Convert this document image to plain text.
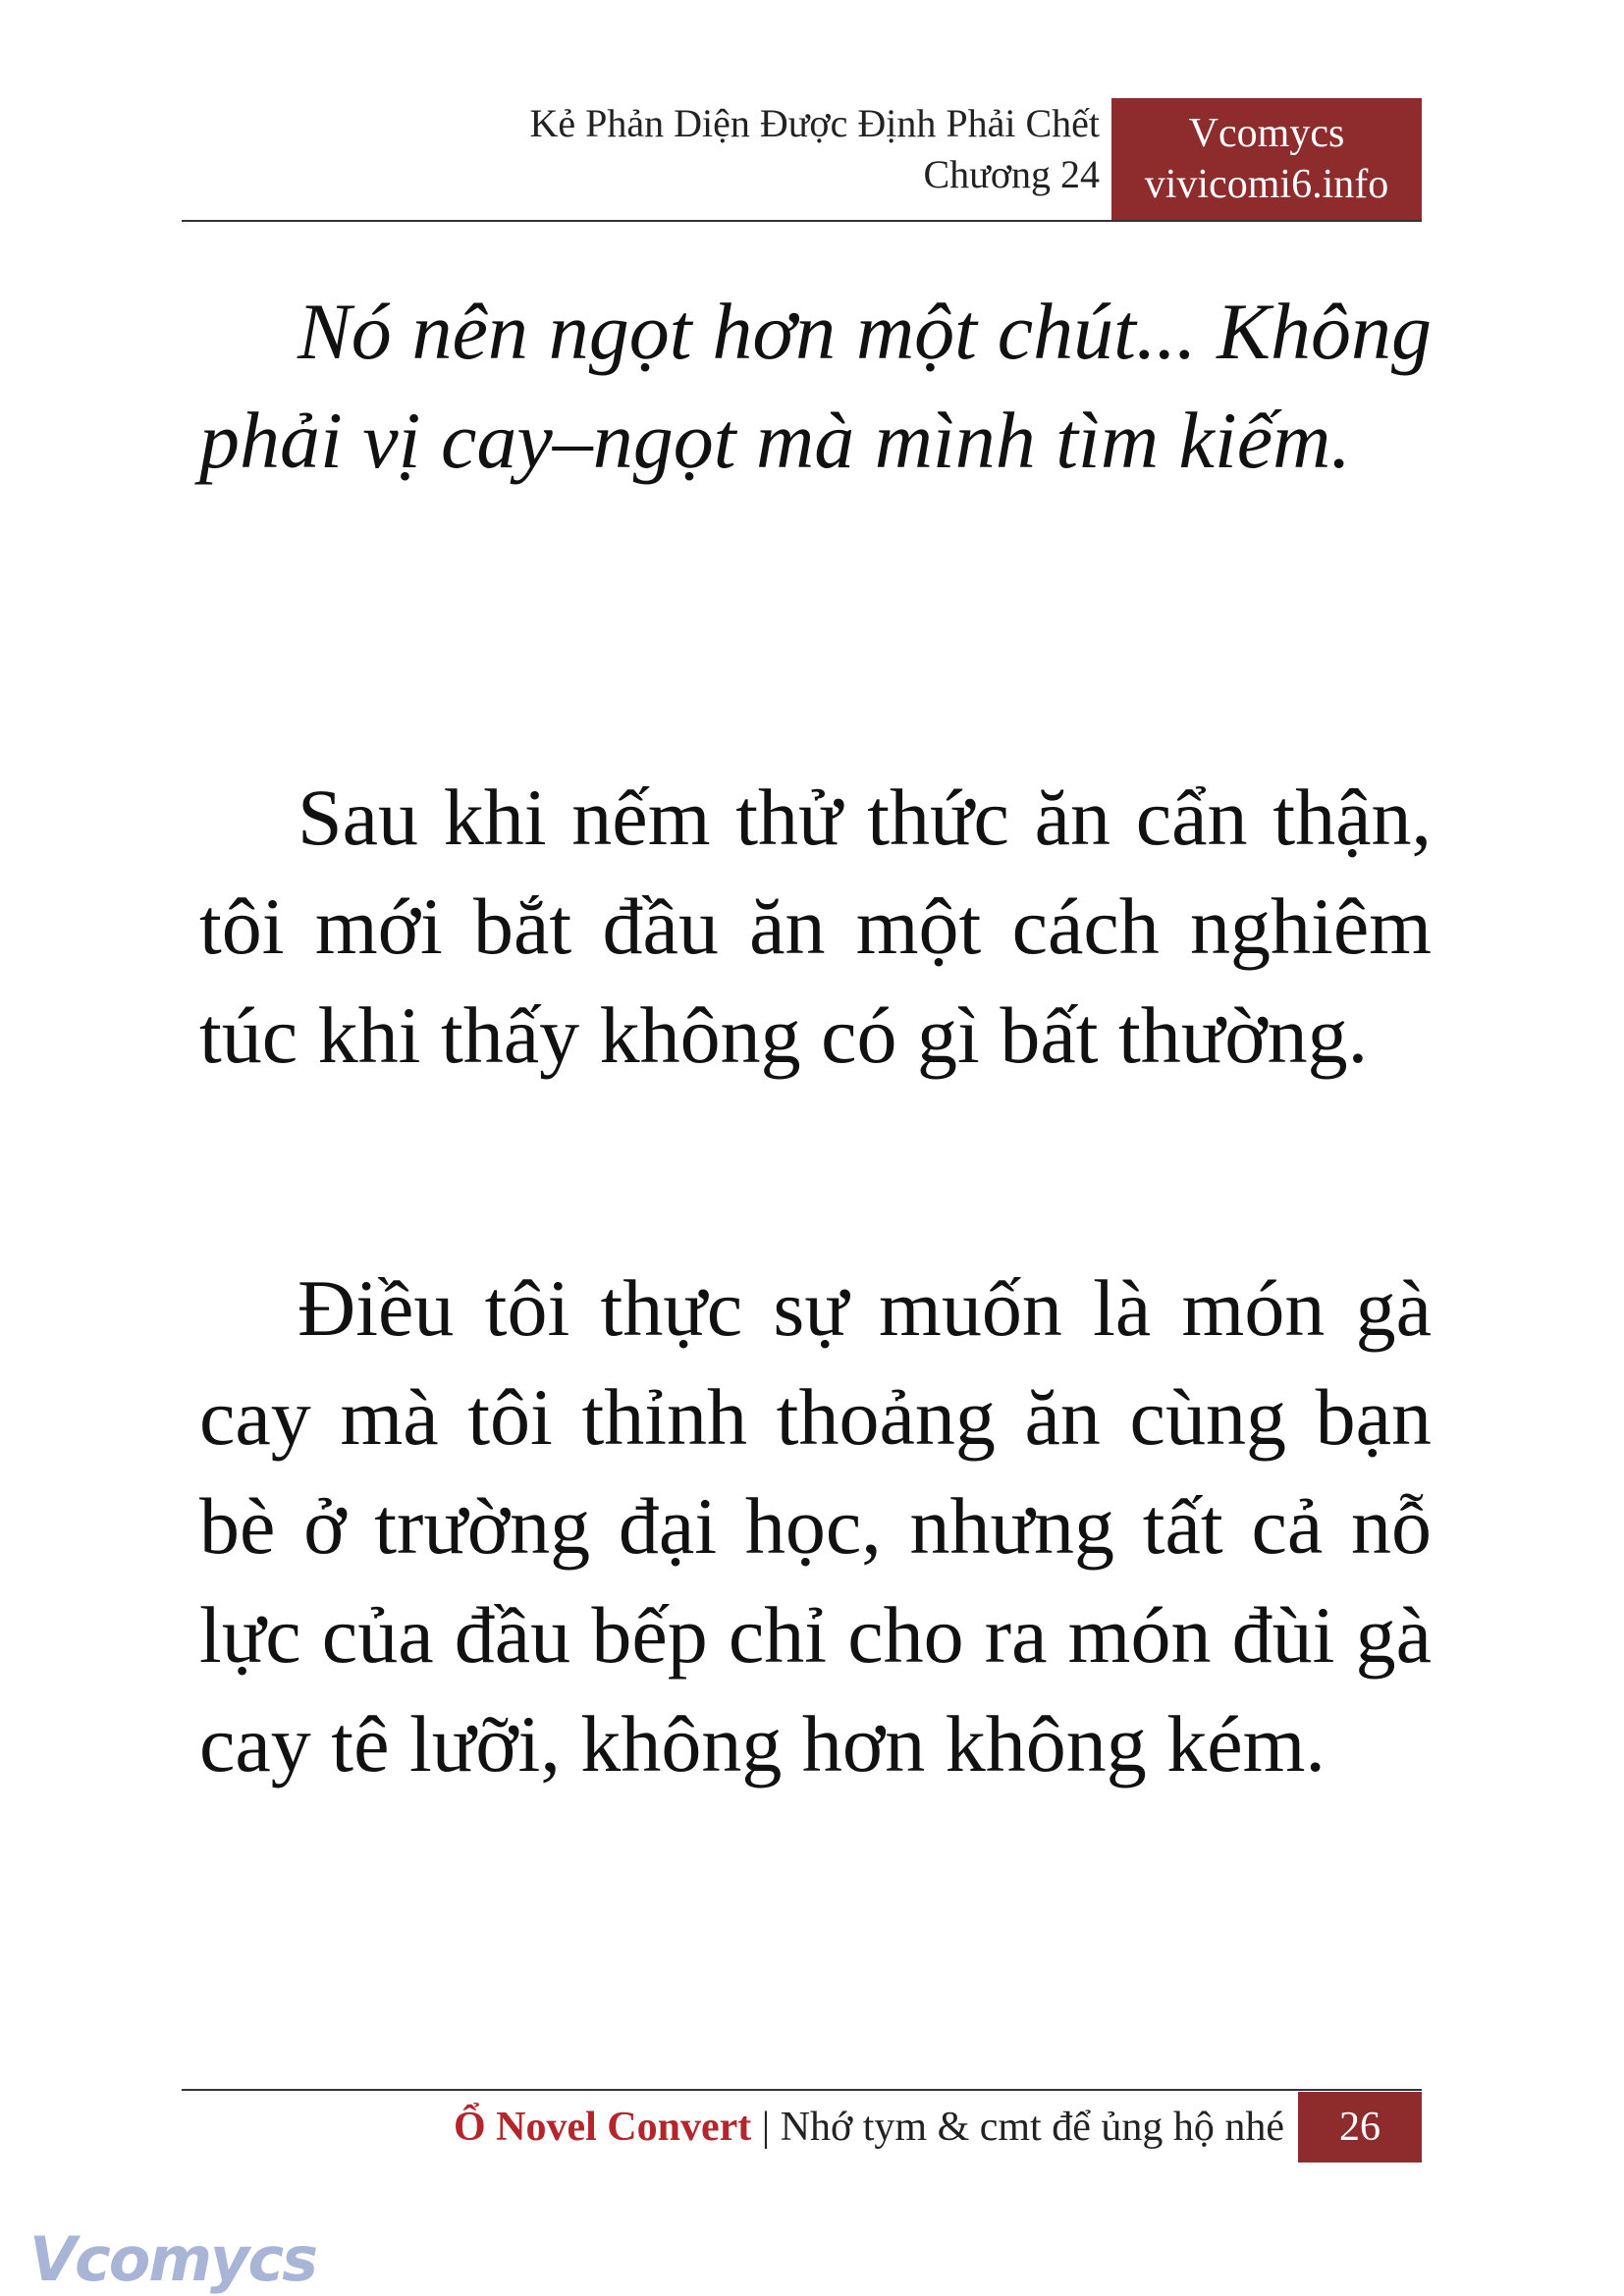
Kẻ Phản Diện Được Định Phải Chết
Chương 24
Vcomycs
vivicomi6.info

Nó nên ngọt hơn một chút... Không phải vị cay–ngọt mà mình tìm kiếm.

Sau khi nếm thử thức ăn cẩn thận, tôi mới bắt đầu ăn một cách nghiêm túc khi thấy không có gì bất thường.

Điều tôi thực sự muốn là món gà cay mà tôi thỉnh thoảng ăn cùng bạn bè ở trường đại học, nhưng tất cả nỗ lực của đầu bếp chỉ cho ra món đùi gà cay tê lưỡi, không hơn không kém.

Ổ Novel Convert | Nhớ tym & cmt để ủng hộ nhé	26
Vcomycs
